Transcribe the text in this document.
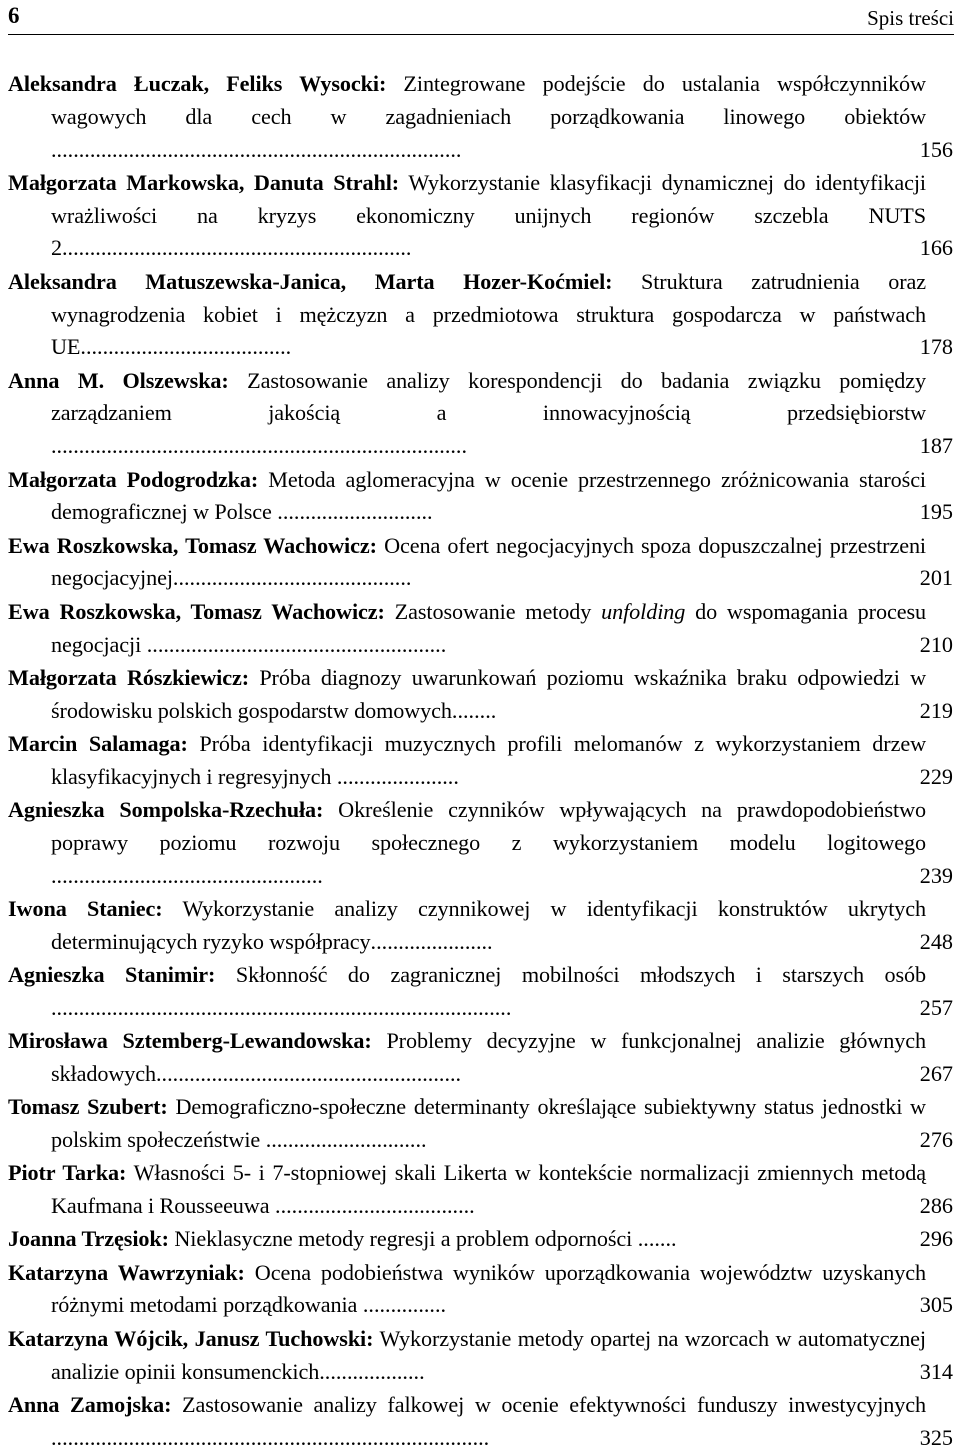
6	Spis treści
Aleksandra Łuczak, Feliks Wysocki: Zintegrowane podejście do ustalania współczynników wagowych dla cech w zagadnieniach porządkowania linowego obiektów ..........................................................................	156
Małgorzata Markowska, Danuta Strahl: Wykorzystanie klasyfikacji dynamicznej do identyfikacji wrażliwości na kryzys ekonomiczny unijnych regionów szczebla NUTS 2...............................................................	166
Aleksandra Matuszewska-Janica, Marta Hozer-Koćmiel: Struktura zatrudnienia oraz wynagrodzenia kobiet i mężczyzn a przedmiotowa struktura gospodarcza w państwach UE......................................	178
Anna M. Olszewska: Zastosowanie analizy korespondencji do badania związku pomiędzy zarządzaniem jakością a innowacyjnością przedsiębiorstw ...........................................................................	187
Małgorzata Podogrodzka: Metoda aglomeracyjna w ocenie przestrzennego zróżnicowania starości demograficznej w Polsce ............................	195
Ewa Roszkowska, Tomasz Wachowicz: Ocena ofert negocjacyjnych spoza dopuszczalnej przestrzeni negocjacyjnej...........................................	201
Ewa Roszkowska, Tomasz Wachowicz: Zastosowanie metody unfolding do wspomagania procesu negocjacji ......................................................	210
Małgorzata Rószkiewicz: Próba diagnozy uwarunkowań poziomu wskaźnika braku odpowiedzi w środowisku polskich gospodarstw domowych........	219
Marcin Salamaga: Próba identyfikacji muzycznych profili melomanów z wykorzystaniem drzew klasyfikacyjnych i regresyjnych ......................	229
Agnieszka Sompolska-Rzechuła: Określenie czynników wpływających na prawdopodobieństwo poprawy poziomu rozwoju społecznego z wykorzystaniem modelu logitowego .................................................	239
Iwona Staniec: Wykorzystanie analizy czynnikowej w identyfikacji konstruktów ukrytych determinujących ryzyko współpracy......................	248
Agnieszka Stanimir: Skłonność do zagranicznej mobilności młodszych i starszych osób ...................................................................................	257
Mirosława Sztemberg-Lewandowska: Problemy decyzyjne w funkcjonalnej analizie głównych składowych.......................................................	267
Tomasz Szubert: Demograficzno-społeczne determinanty określające subiektywny status jednostki w polskim społeczeństwie .............................	276
Piotr Tarka: Własności 5- i 7-stopniowej skali Likerta w kontekście normalizacji zmiennych metodą Kaufmana i Rousseeuwa ....................................	286
Joanna Trzęsiok: Nieklasyczne metody regresji a problem odporności .......	296
Katarzyna Wawrzyniak: Ocena podobieństwa wyników uporządkowania województw uzyskanych różnymi metodami porządkowania ...............	305
Katarzyna Wójcik, Janusz Tuchowski: Wykorzystanie metody opartej na wzorcach w automatycznej analizie opinii konsumenckich...................	314
Anna Zamojska: Zastosowanie analizy falkowej w ocenie efektywności funduszy inwestycyjnych ...............................................................................	325
